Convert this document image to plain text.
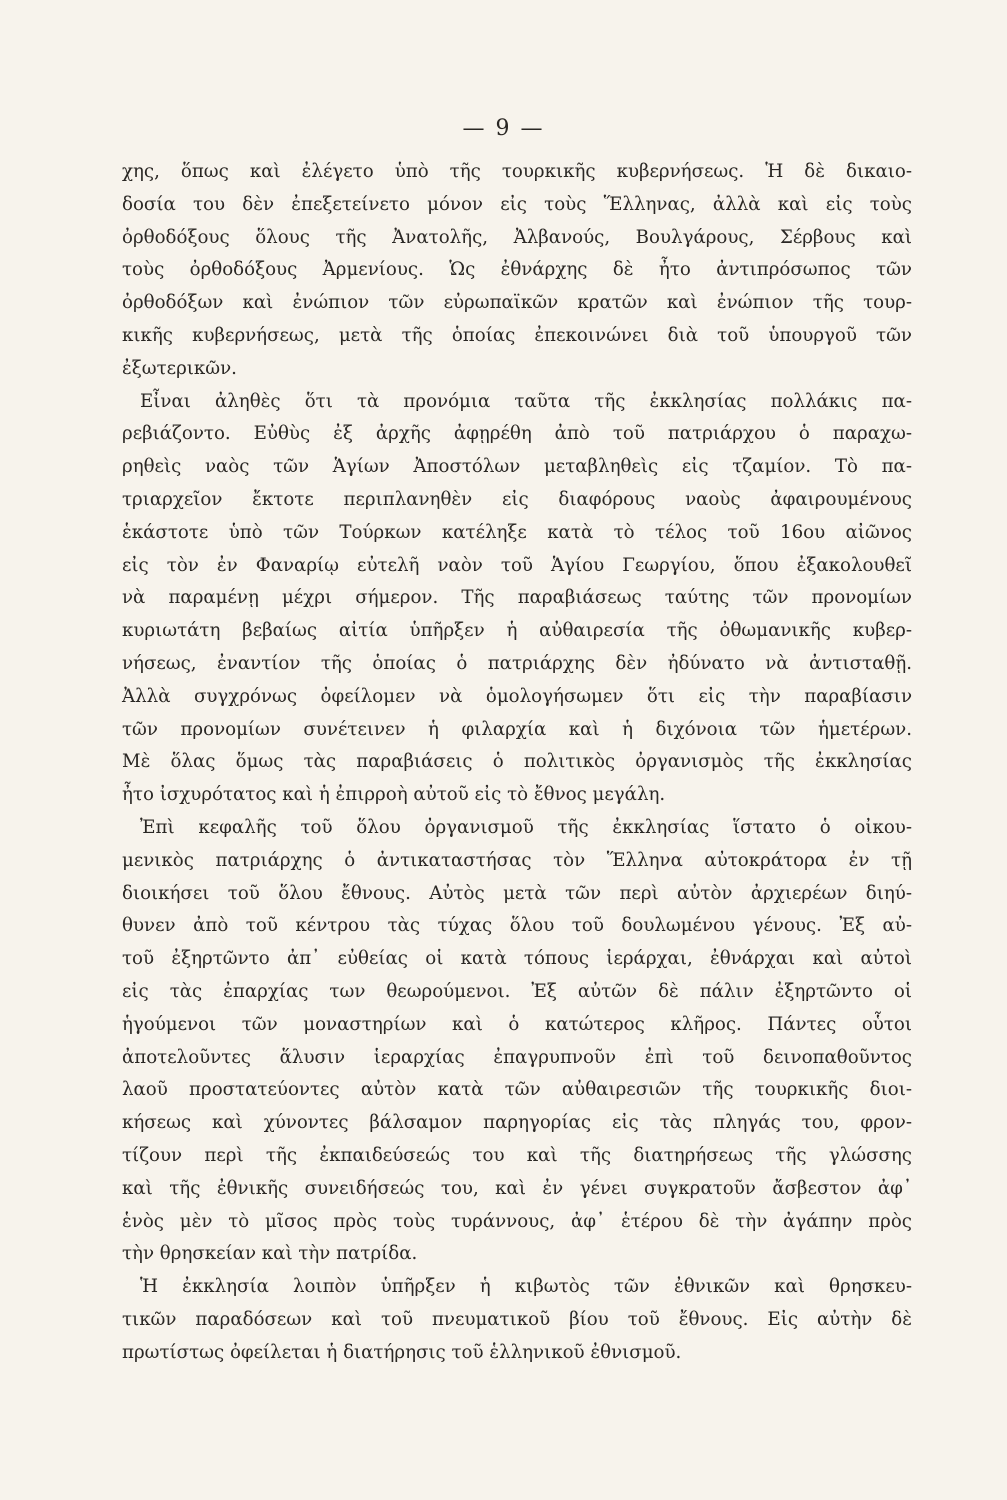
— 9 —
χης, ὅπως καὶ ἐλέγετο ὑπὸ τῆς τουρκικῆς κυβερνήσεως. Ἡ δὲ δικαιο-
δοσία του δὲν ἐπεξετείνετο μόνον εἰς τοὺς Ἕλληνας, ἀλλὰ καὶ εἰς τοὺς
ὀρθοδόξους ὅλους τῆς Ἀνατολῆς, Ἀλβανούς, Βουλγάρους, Σέρβους καὶ
τοὺς ὀρθοδόξους Ἀρμενίους. Ὡς ἐθνάρχης δὲ ἦτο ἀντιπρόσωπος τῶν
ὀρθοδόξων καὶ ἐνώπιον τῶν εὐρωπαϊκῶν κρατῶν καὶ ἐνώπιον τῆς τουρ-
κικῆς κυβερνήσεως, μετὰ τῆς ὁποίας ἐπεκοινώνει διὰ τοῦ ὑπουργοῦ τῶν
ἐξωτερικῶν.
Εἶναι ἀληθὲς ὅτι τὰ προνόμια ταῦτα τῆς ἐκκλησίας πολλάκις πα-
ρεβιάζοντο. Εὐθὺς ἐξ ἀρχῆς ἀφῃρέθη ἀπὸ τοῦ πατριάρχου ὁ παραχω-
ρηθεὶς ναὸς τῶν Ἁγίων Ἀποστόλων μεταβληθεὶς εἰς τζαμίον. Τὸ πα-
τριαρχεῖον ἔκτοτε περιπλανηθὲν εἰς διαφόρους ναοὺς ἀφαιρουμένους
ἑκάστοτε ὑπὸ τῶν Τούρκων κατέληξε κατὰ τὸ τέλος τοῦ 16ου αἰῶνος
εἰς τὸν ἐν Φαναρίῳ εὐτελῆ ναὸν τοῦ Ἁγίου Γεωργίου, ὅπου ἐξακολουθεῖ
νὰ παραμένῃ μέχρι σήμερον. Τῆς παραβιάσεως ταύτης τῶν προνομίων
κυριωτάτη βεβαίως αἰτία ὑπῆρξεν ἡ αὐθαιρεσία τῆς ὀθωμανικῆς κυβερ-
νήσεως, ἐναντίον τῆς ὁποίας ὁ πατριάρχης δὲν ἠδύνατο νὰ ἀντισταθῇ.
Ἀλλὰ συγχρόνως ὀφείλομεν νὰ ὁμολογήσωμεν ὅτι εἰς τὴν παραβίασιν
τῶν προνομίων συνέτεινεν ἡ φιλαρχία καὶ ἡ διχόνοια τῶν ἡμετέρων.
Μὲ ὅλας ὅμως τὰς παραβιάσεις ὁ πολιτικὸς ὀργανισμὸς τῆς ἐκκλησίας
ἦτο ἰσχυρότατος καὶ ἡ ἐπιρροὴ αὐτοῦ εἰς τὸ ἔθνος μεγάλη.
Ἐπὶ κεφαλῆς τοῦ ὅλου ὀργανισμοῦ τῆς ἐκκλησίας ἵστατο ὁ οἰκου-
μενικὸς πατριάρχης ὁ ἀντικαταστήσας τὸν Ἕλληνα αὐτοκράτορα ἐν τῇ
διοικήσει τοῦ ὅλου ἔθνους. Αὐτὸς μετὰ τῶν περὶ αὐτὸν ἀρχιερέων διηύ-
θυνεν ἀπὸ τοῦ κέντρου τὰς τύχας ὅλου τοῦ δουλωμένου γένους. Ἐξ αὐ-
τοῦ ἐξηρτῶντο ἀπ᾽ εὐθείας οἱ κατὰ τόπους ἱεράρχαι, ἐθνάρχαι καὶ αὐτοὶ
εἰς τὰς ἐπαρχίας των θεωρούμενοι. Ἐξ αὐτῶν δὲ πάλιν ἐξηρτῶντο οἱ
ἡγούμενοι τῶν μοναστηρίων καὶ ὁ κατώτερος κλῆρος. Πάντες οὗτοι
ἀποτελοῦντες ἅλυσιν ἱεραρχίας ἐπαγρυπνοῦν ἐπὶ τοῦ δεινοπαθοῦντος
λαοῦ προστατεύοντες αὐτὸν κατὰ τῶν αὐθαιρεσιῶν τῆς τουρκικῆς διοι-
κήσεως καὶ χύνοντες βάλσαμον παρηγορίας εἰς τὰς πληγάς του, φρον-
τίζουν περὶ τῆς ἐκπαιδεύσεώς του καὶ τῆς διατηρήσεως τῆς γλώσσης
καὶ τῆς ἐθνικῆς συνειδήσεώς του, καὶ ἐν γένει συγκρατοῦν ἄσβεστον ἀφ᾽
ἑνὸς μὲν τὸ μῖσος πρὸς τοὺς τυράννους, ἀφ᾽ ἑτέρου δὲ τὴν ἀγάπην πρὸς
τὴν θρησκείαν καὶ τὴν πατρίδα.
Ἡ ἐκκλησία λοιπὸν ὑπῆρξεν ἡ κιβωτὸς τῶν ἐθνικῶν καὶ θρησκευ-
τικῶν παραδόσεων καὶ τοῦ πνευματικοῦ βίου τοῦ ἔθνους. Εἰς αὐτὴν δὲ
πρωτίστως ὀφείλεται ἡ διατήρησις τοῦ ἑλληνικοῦ ἐθνισμοῦ.
